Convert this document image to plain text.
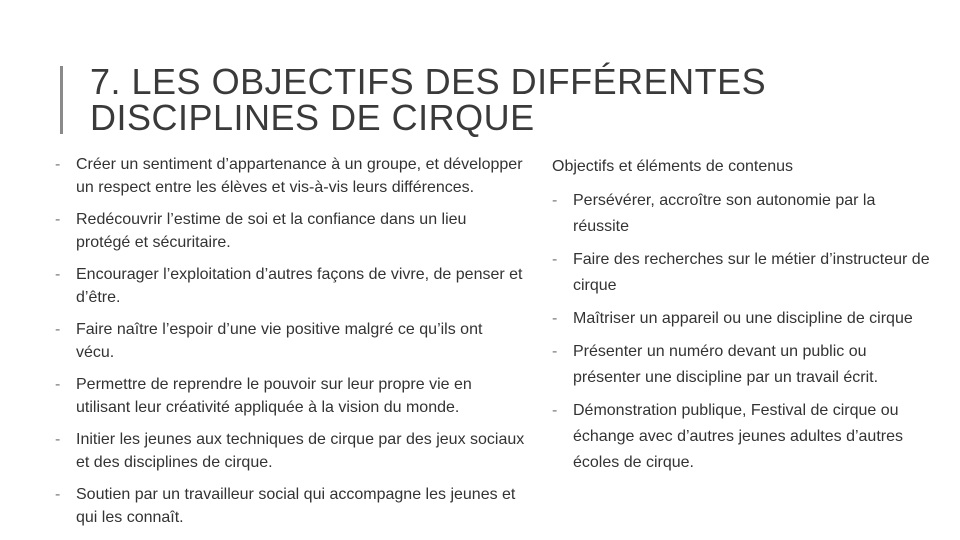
7. LES OBJECTIFS DES DIFFÉRENTES
DISCIPLINES DE CIRQUE
- Créer un sentiment d’appartenance à un groupe, et développer un respect entre les élèves et vis-à-vis leurs différences.
- Redécouvrir l’estime de soi et la confiance dans un lieu protégé et sécuritaire.
- Encourager l’exploitation d’autres façons de vivre, de penser et d’être.
- Faire naître l’espoir d’une vie positive malgré ce qu’ils ont vécu.
- Permettre de reprendre le pouvoir sur leur propre vie en utilisant leur créativité appliquée à la vision du monde.
- Initier les jeunes aux techniques de cirque par des jeux sociaux et des disciplines de cirque.
- Soutien par un travailleur social qui accompagne les jeunes et qui les connaît.
Objectifs et éléments de contenus
- Persévérer, accroître son autonomie par la réussite
- Faire des recherches sur le métier d’instructeur de cirque
- Maîtriser un appareil ou une discipline de cirque
- Présenter un numéro devant un public ou présenter une discipline par un travail écrit.
- Démonstration publique, Festival de cirque ou échange avec d’autres jeunes adultes d’autres écoles de cirque.
